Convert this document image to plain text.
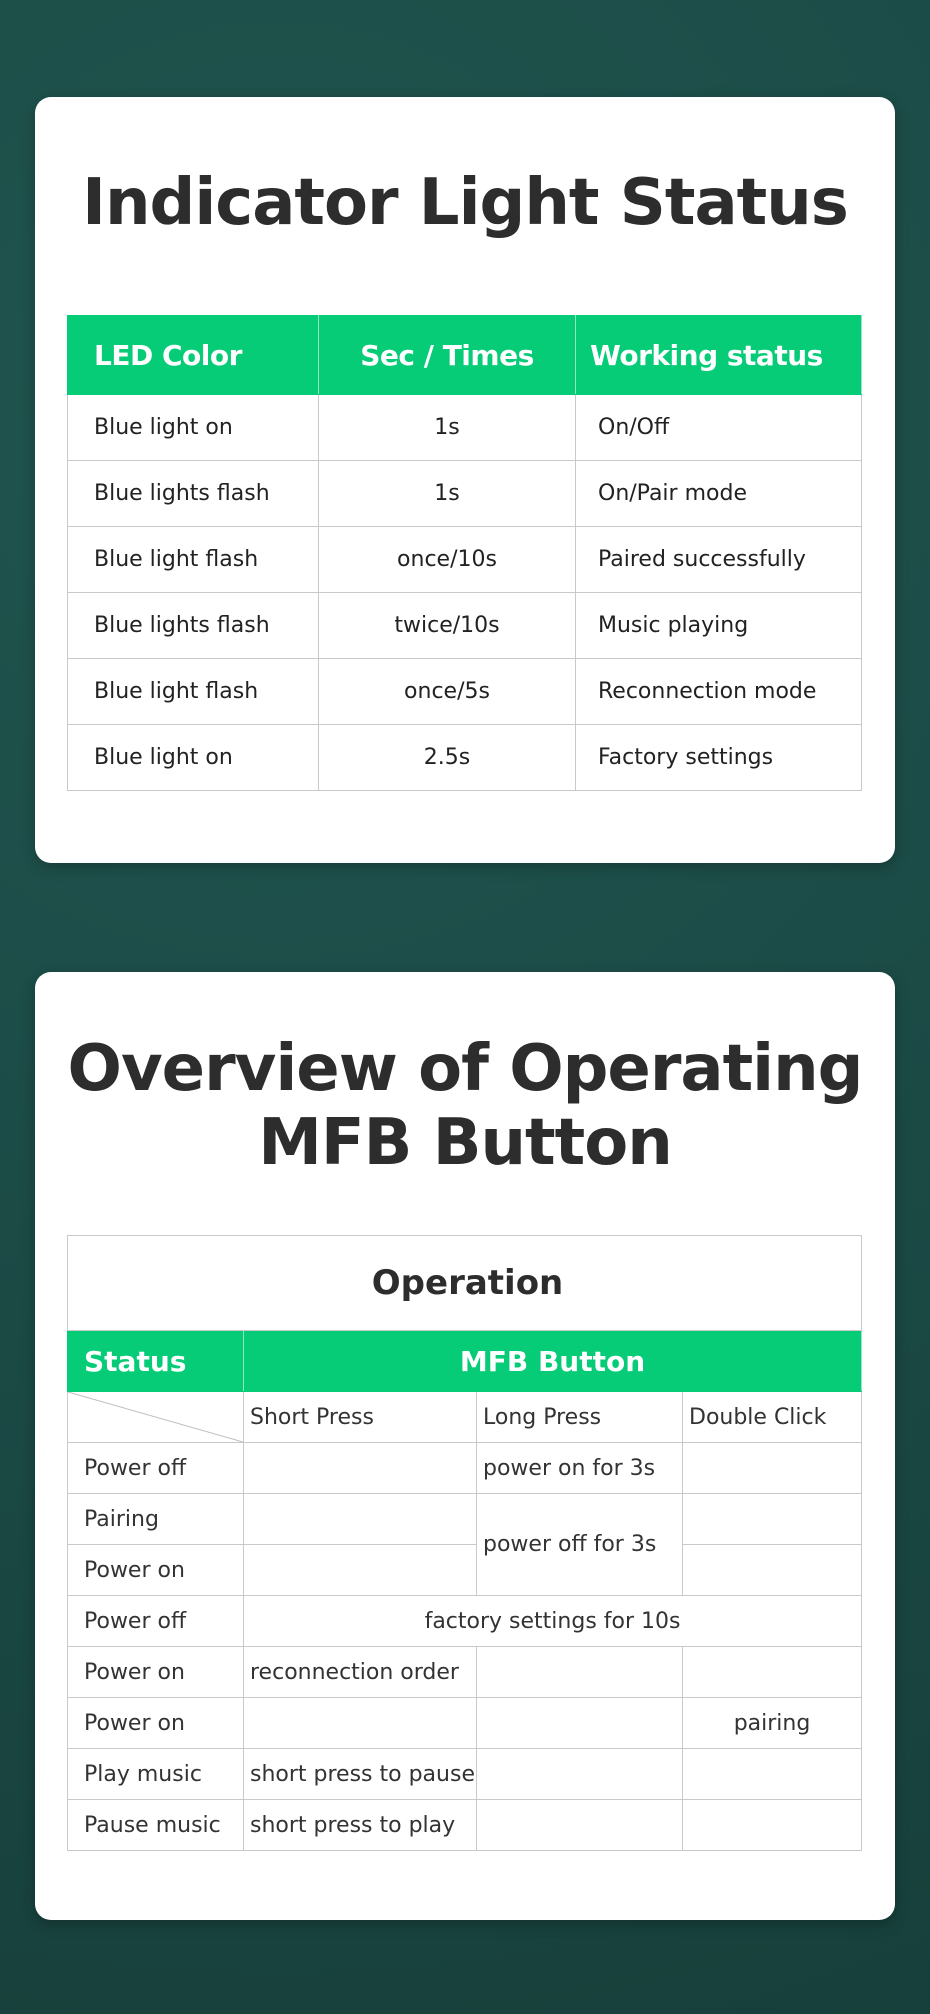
Indicator Light Status
LED Color	Sec / Times	Working status
Blue light on	1s	On/Off
Blue lights flash	1s	On/Pair mode
Blue light flash	once/10s	Paired successfully
Blue lights flash	twice/10s	Music playing
Blue light flash	once/5s	Reconnection mode
Blue light on	2.5s	Factory settings
Overview of Operating
MFB Button
Operation			
Status	MFB Button		

	Short Press	Long Press	Double Click
Power off		power on for 3s	
Pairing		power off for 3s	
Power on			
Power off	factory settings for 10s		
Power on	reconnection order		
Power on			pairing
Play music	short press to pause		
Pause music	short press to play		
